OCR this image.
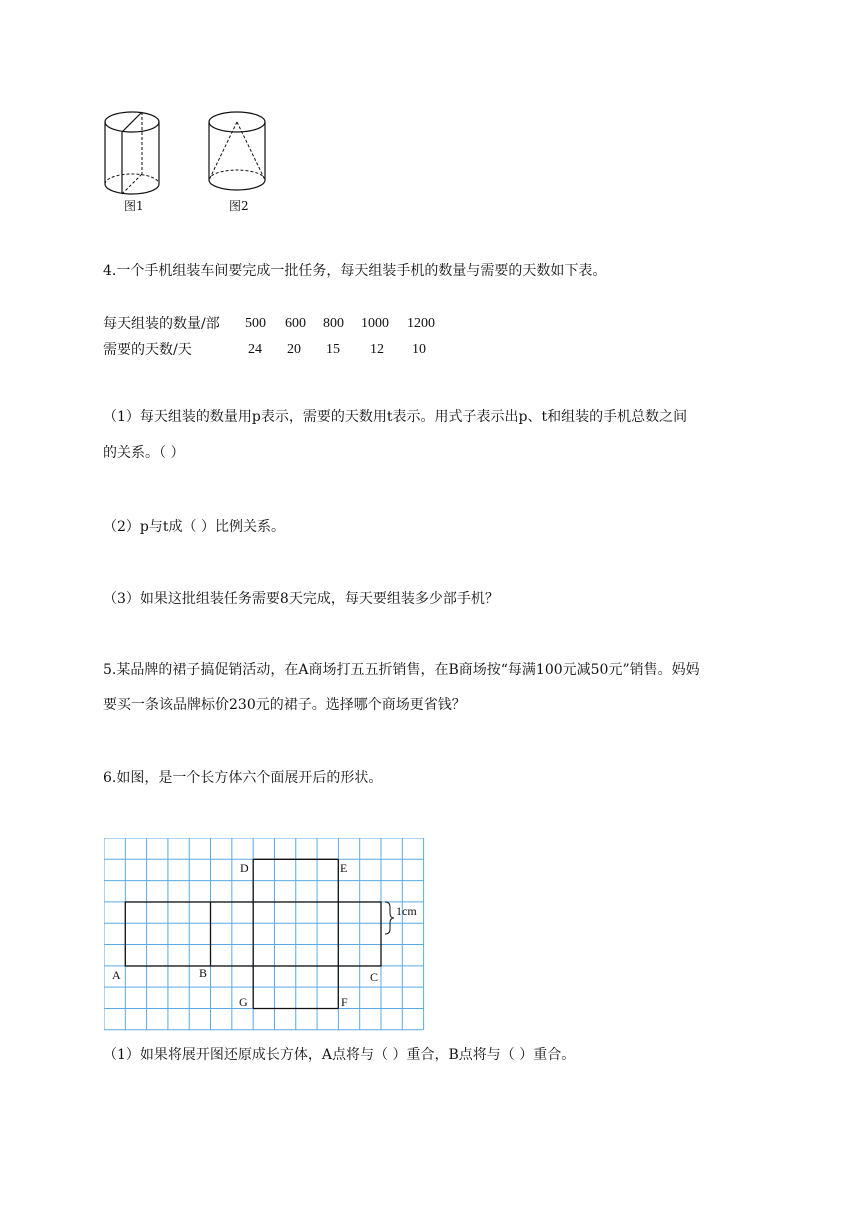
图1	图2
4.一个手机组装车间要完成一批任务，每天组装手机的数量与需要的天数如下表。
每天组装的数量/部	500	600	800	1000	1200
需要的天数/天	24	20	15	12	10
（1）每天组装的数量用p表示，需要的天数用t表示。用式子表示出p、t和组装的手机总数之间
的关系。（ ）
（2）p与t成（ ）比例关系。
（3）如果这批组装任务需要8天完成，每天要组装多少部手机？
5.某品牌的裙子搞促销活动，在A商场打五五折销售，在B商场按“每满100元减50元”销售。妈妈
要买一条该品牌标价230元的裙子。选择哪个商场更省钱？
6.如图，是一个长方体六个面展开后的形状。
1cm
A	B	C
D	E
G	F
（1）如果将展开图还原成长方体，A点将与（ ）重合，B点将与（ ）重合。
